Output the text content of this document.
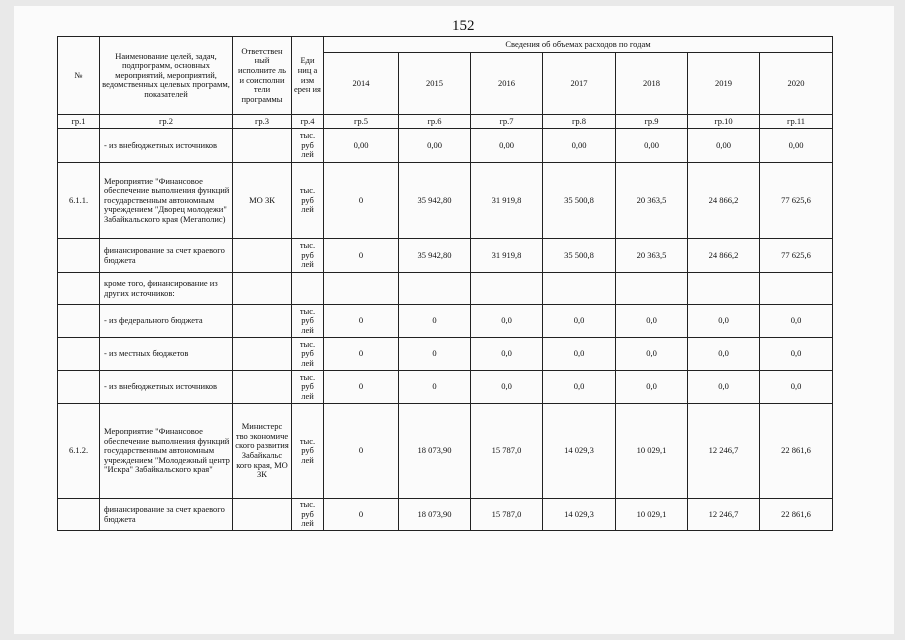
152
№	Наименование целей, задач, подпрограмм, основных мероприятий, мероприятий, ведомственных целевых программ, показателей	Ответствен ный исполните ль и соисполни тели программы	Еди ниц а изм ерен ия	Сведения об объемах расходов по годам						
				2014	2015	2016	2017	2018	2019	2020
гр.1	гр.2	гр.3	гр.4	гр.5	гр.6	гр.7	гр.8	гр.9	гр.10	гр.11
	- из внебюджетных источников		тыс. руб лей	0,00	0,00	0,00	0,00	0,00	0,00	0,00
6.1.1.	Мероприятие "Финансовое обеспечение выполнения функций государственным автономным учреждением "Дворец молодежи" Забайкальского края (Мегаполис)	МО ЗК	тыс. руб лей	0	35 942,80	31 919,8	35 500,8	20 363,5	24 866,2	77 625,6
	финансирование за счет краевого бюджета		тыс. руб лей	0	35 942,80	31 919,8	35 500,8	20 363,5	24 866,2	77 625,6
	кроме того, финансирование из других источников:									
	- из федерального бюджета		тыс. руб лей	0	0	0,0	0,0	0,0	0,0	0,0
	- из местных бюджетов		тыс. руб лей	0	0	0,0	0,0	0,0	0,0	0,0
	- из внебюджетных источников		тыс. руб лей	0	0	0,0	0,0	0,0	0,0	0,0
6.1.2.	Мероприятие "Финансовое обеспечение выполнения функций государственным автономным учреждением "Молодежный центр "Искра" Забайкальского края"	Министерс тво экономиче ского развития Забайкальс кого края, МО ЗК	тыс. руб лей	0	18 073,90	15 787,0	14 029,3	10 029,1	12 246,7	22 861,6
	финансирование за счет краевого бюджета		тыс. руб лей	0	18 073,90	15 787,0	14 029,3	10 029,1	12 246,7	22 861,6
